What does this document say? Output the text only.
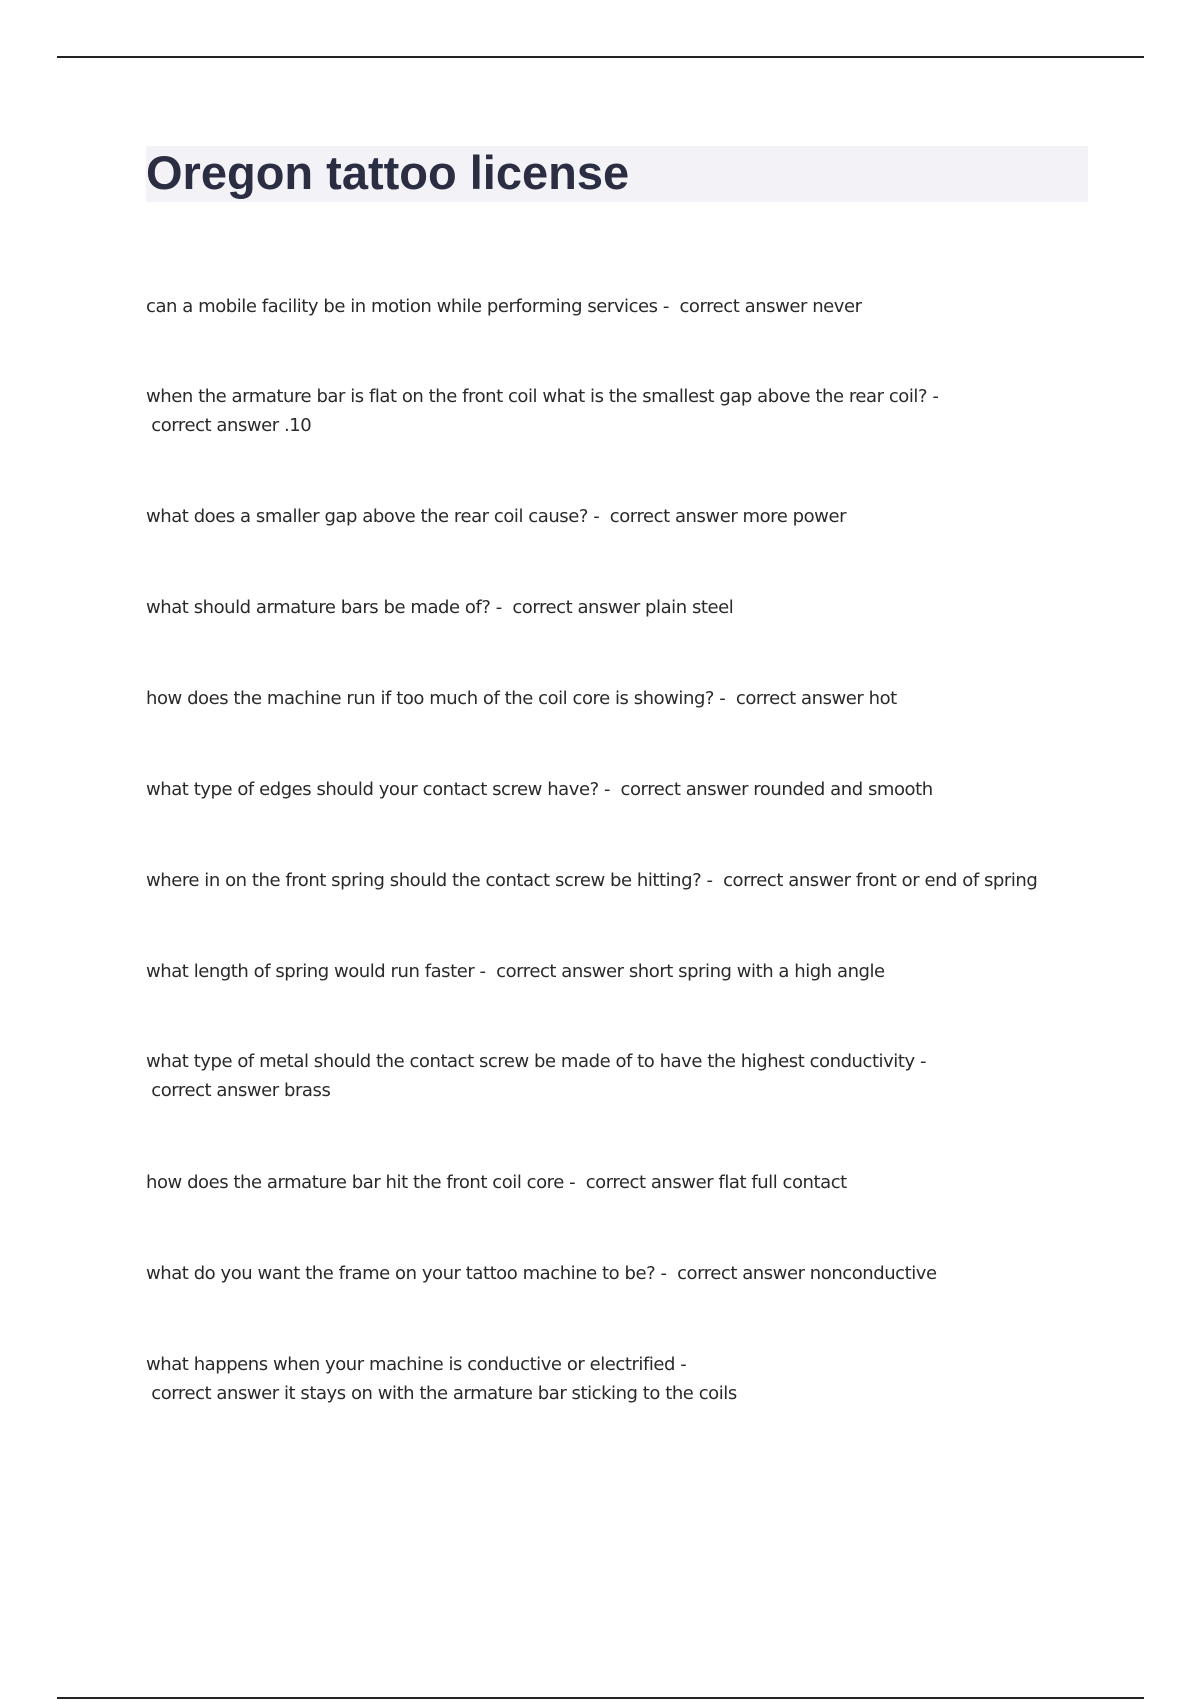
Oregon tattoo license

can a mobile facility be in motion while performing services -  correct answer never

when the armature bar is flat on the front coil what is the smallest gap above the rear coil? -  correct answer .10

what does a smaller gap above the rear coil cause? -  correct answer more power

what should armature bars be made of? -  correct answer plain steel

how does the machine run if too much of the coil core is showing? -  correct answer hot

what type of edges should your contact screw have? -  correct answer rounded and smooth

where in on the front spring should the contact screw be hitting? -  correct answer front or end of spring

what length of spring would run faster -  correct answer short spring with a high angle

what type of metal should the contact screw be made of to have the highest conductivity -  correct answer brass

how does the armature bar hit the front coil core -  correct answer flat full contact

what do you want the frame on your tattoo machine to be? -  correct answer nonconductive

what happens when your machine is conductive or electrified -  correct answer it stays on with the armature bar sticking to the coils
